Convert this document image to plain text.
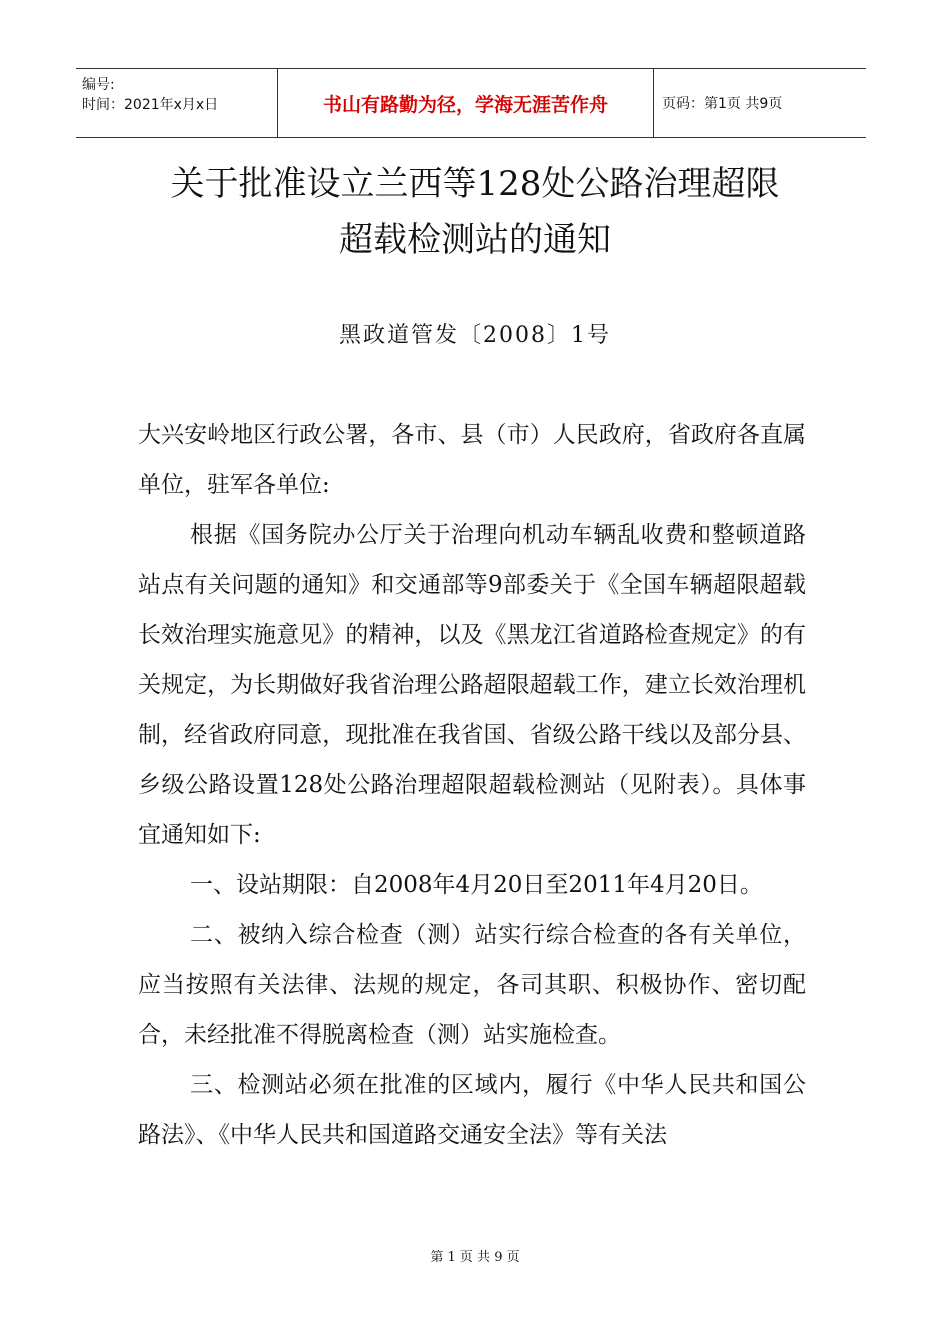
编号:
时间：2021年x月x日	书山有路勤为径，学海无涯苦作舟	页码：第1页 共9页
关于批准设立兰西等128处公路治理超限
超载检测站的通知
黑政道管发〔2008〕1号

大兴安岭地区行政公署，各市、县（市）人民政府，省政府各直属单位，驻军各单位:

根据《国务院办公厅关于治理向机动车辆乱收费和整顿道路站点有关问题的通知》和交通部等9部委关于《全国车辆超限超载长效治理实施意见》的精神，以及《黑龙江省道路检查规定》的有关规定，为长期做好我省治理公路超限超载工作，建立长效治理机制，经省政府同意，现批准在我省国、省级公路干线以及部分县、乡级公路设置128处公路治理超限超载检测站（见附表）。具体事宜通知如下:

一、设站期限：自2008年4月20日至2011年4月20日。

二、被纳入综合检查（测）站实行综合检查的各有关单位，应当按照有关法律、法规的规定，各司其职、积极协作、密切配合，未经批准不得脱离检查（测）站实施检查。

三、检测站必须在批准的区域内，履行《中华人民共和国公路法》、《中华人民共和国道路交通安全法》等有关法

第 1 页 共 9 页
